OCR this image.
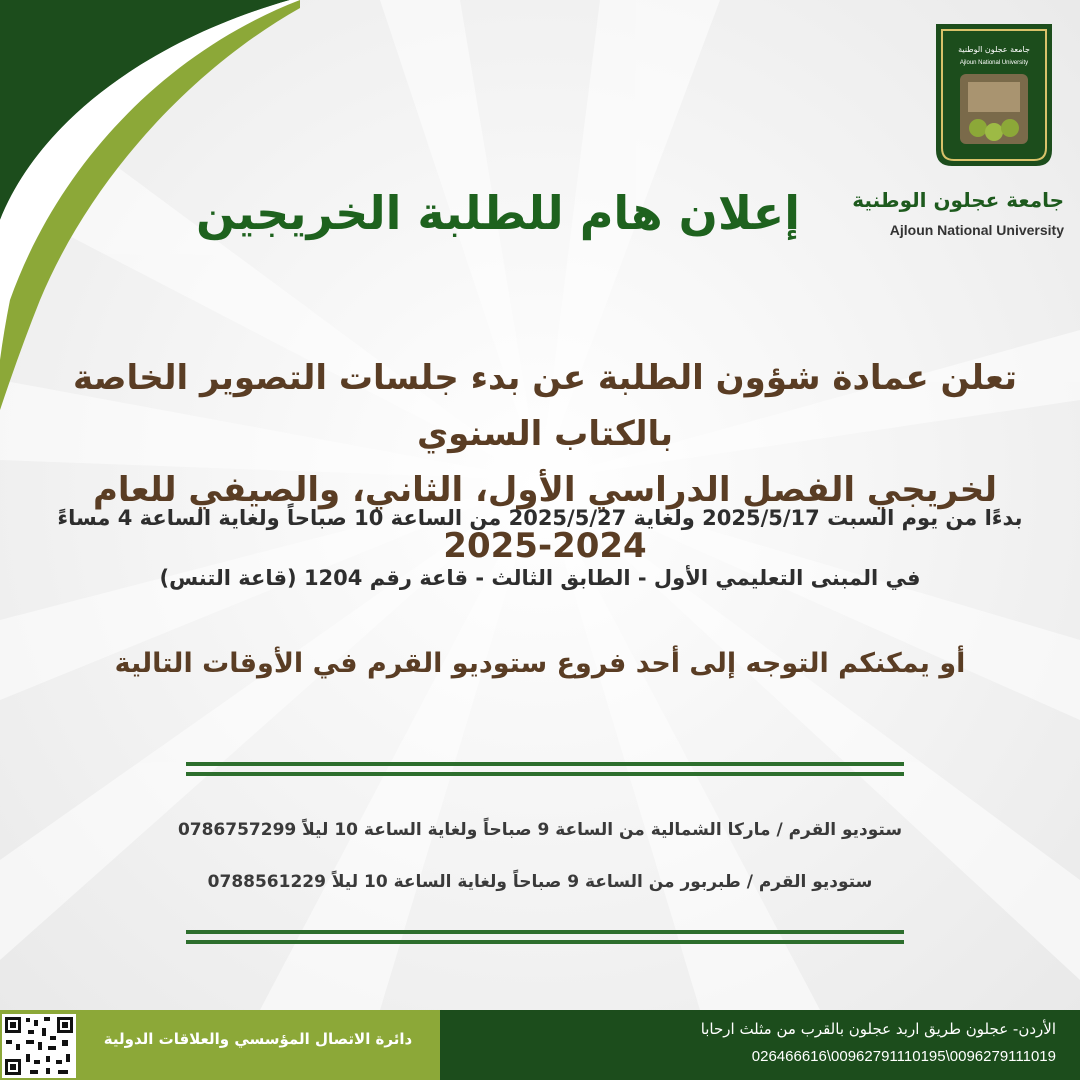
جامعة عجلون الوطنية
Ajloun National University
جامعة عجلون الوطنية
Ajloun National University
إعلان هام للطلبة الخريجين
تعلن عمادة شؤون الطلبة عن بدء جلسات التصوير الخاصة بالكتاب السنوي
لخريجي الفصل الدراسي الأول، الثاني، والصيفي للعام 2024-2025
بدءًا من يوم السبت 2025/5/17 ولغاية 2025/5/27 من الساعة 10 صباحاً ولغاية الساعة 4 مساءً
في المبنى التعليمي الأول - الطابق الثالث - قاعة رقم 1204 (قاعة التنس)
أو يمكنكم التوجه إلى أحد فروع ستوديو القرم في الأوقات التالية
ستوديو القرم / ماركا الشمالية من الساعة 9 صباحاً ولغاية الساعة 10 ليلاً 0786757299
ستوديو القرم / طبربور من الساعة 9 صباحاً ولغاية الساعة 10 ليلاً 0788561229
دائرة الاتصال المؤسسي والعلاقات الدولية
الأردن- عجلون طريق اربد عجلون بالقرب من مثلث ارحابا
026466616\00962791110195\0096279111019
